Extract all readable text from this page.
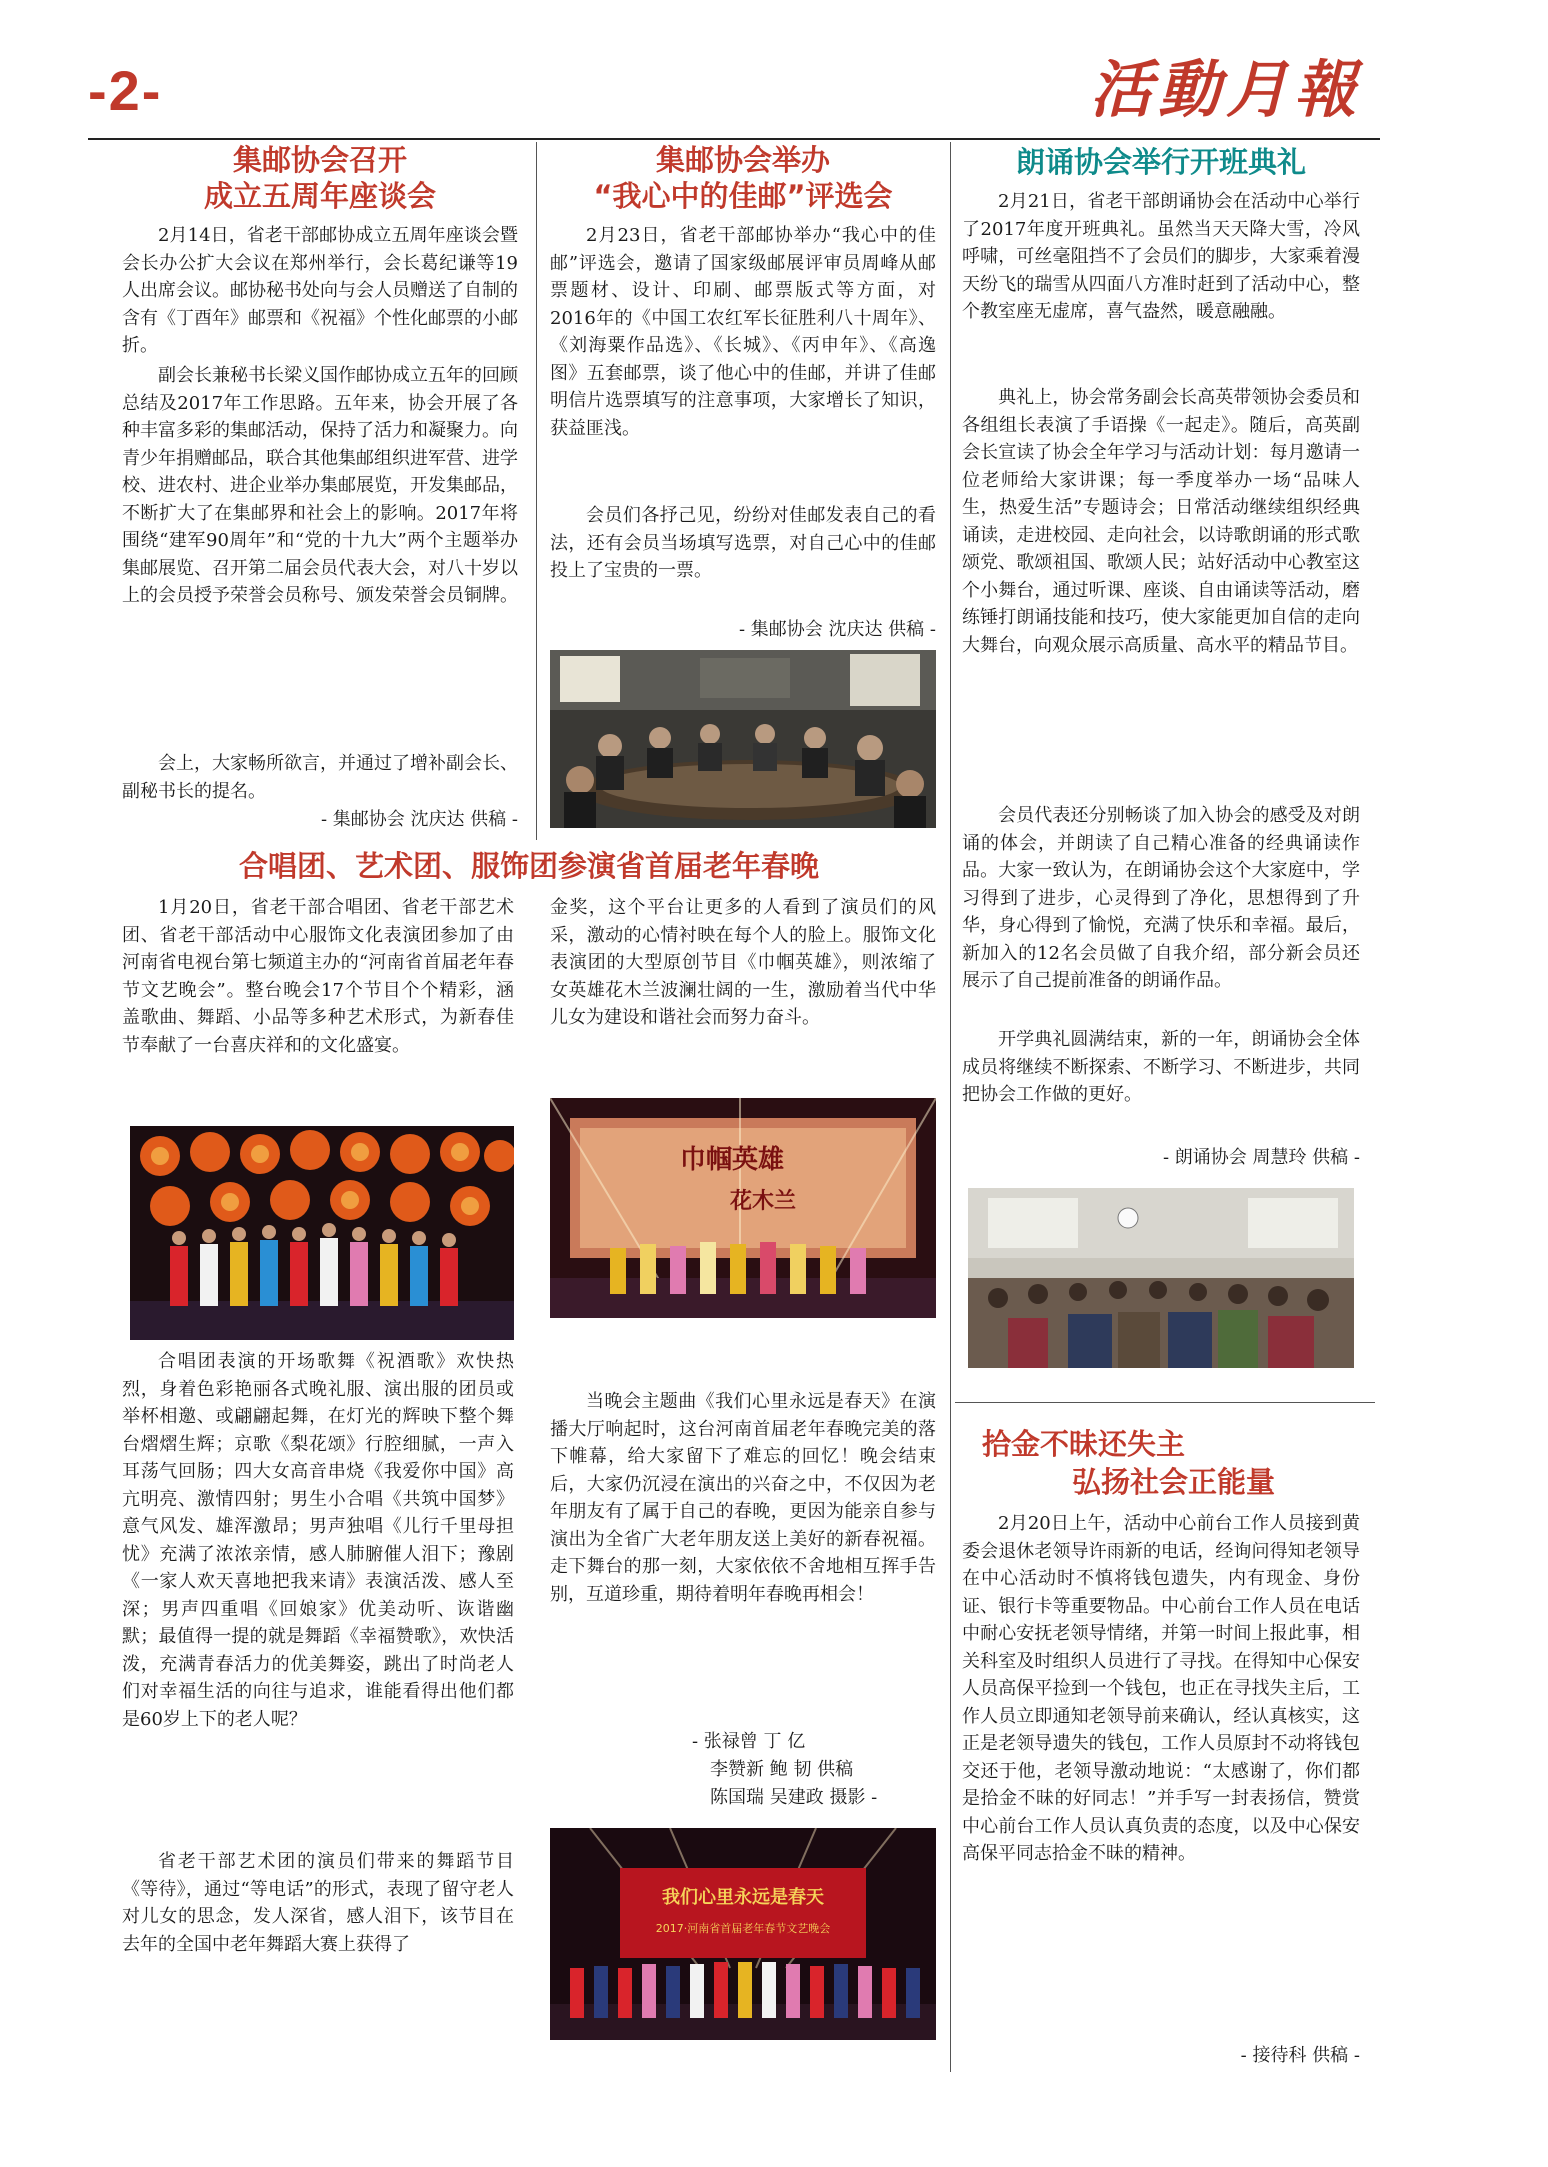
-2-	活動月報
集邮协会召开
成立五周年座谈会

2月14日，省老干部邮协成立五周年座谈会暨会长办公扩大会议在郑州举行，会长葛纪谦等19人出席会议。邮协秘书处向与会人员赠送了自制的含有《丁酉年》邮票和《祝福》个性化邮票的小邮折。

副会长兼秘书长梁义国作邮协成立五年的回顾总结及2017年工作思路。五年来，协会开展了各种丰富多彩的集邮活动，保持了活力和凝聚力。向青少年捐赠邮品，联合其他集邮组织进军营、进学校、进农村、进企业举办集邮展览，开发集邮品，不断扩大了在集邮界和社会上的影响。2017年将围绕“建军90周年”和“党的十九大”两个主题举办集邮展览、召开第二届会员代表大会，对八十岁以上的会员授予荣誉会员称号、颁发荣誉会员铜牌。

会上，大家畅所欲言，并通过了增补副会长、副秘书长的提名。

- 集邮协会 沈庆达 供稿 -
集邮协会举办
“我心中的佳邮”评选会

2月23日，省老干部邮协举办“我心中的佳邮”评选会，邀请了国家级邮展评审员周峰从邮票题材、设计、印刷、邮票版式等方面，对2016年的《中国工农红军长征胜利八十周年》、《刘海粟作品选》、《长城》、《丙申年》、《高逸图》五套邮票，谈了他心中的佳邮，并讲了佳邮明信片选票填写的注意事项，大家增长了知识，获益匪浅。

会员们各抒己见，纷纷对佳邮发表自己的看法，还有会员当场填写选票，对自己心中的佳邮投上了宝贵的一票。

- 集邮协会 沈庆达 供稿 -
朗诵协会举行开班典礼

2月21日，省老干部朗诵协会在活动中心举行了2017年度开班典礼。虽然当天天降大雪，冷风呼啸，可丝毫阻挡不了会员们的脚步，大家乘着漫天纷飞的瑞雪从四面八方准时赶到了活动中心，整个教室座无虚席，喜气盎然，暖意融融。

典礼上，协会常务副会长高英带领协会委员和各组组长表演了手语操《一起走》。随后，高英副会长宣读了协会全年学习与活动计划：每月邀请一位老师给大家讲课；每一季度举办一场“品味人生，热爱生活”专题诗会；日常活动继续组织经典诵读，走进校园、走向社会，以诗歌朗诵的形式歌颂党、歌颂祖国、歌颂人民；站好活动中心教室这个小舞台，通过听课、座谈、自由诵读等活动，磨练锤打朗诵技能和技巧，使大家能更加自信的走向大舞台，向观众展示高质量、高水平的精品节目。

会员代表还分别畅谈了加入协会的感受及对朗诵的体会，并朗读了自己精心准备的经典诵读作品。大家一致认为，在朗诵协会这个大家庭中，学习得到了进步，心灵得到了净化，思想得到了升华，身心得到了愉悦，充满了快乐和幸福。最后，新加入的12名会员做了自我介绍，部分新会员还展示了自己提前准备的朗诵作品。

开学典礼圆满结束，新的一年，朗诵协会全体成员将继续不断探索、不断学习、不断进步，共同把协会工作做的更好。

- 朗诵协会 周慧玲 供稿 -
合唱团、艺术团、服饰团参演省首届老年春晚

1月20日，省老干部合唱团、省老干部艺术团、省老干部活动中心服饰文化表演团参加了由河南省电视台第七频道主办的“河南省首届老年春节文艺晚会”。整台晚会17个节目个个精彩，涵盖歌曲、舞蹈、小品等多种艺术形式，为新春佳节奉献了一台喜庆祥和的文化盛宴。

合唱团表演的开场歌舞《祝酒歌》欢快热烈，身着色彩艳丽各式晚礼服、演出服的团员或举杯相邀、或翩翩起舞，在灯光的辉映下整个舞台熠熠生辉；京歌《梨花颂》行腔细腻，一声入耳荡气回肠；四大女高音串烧《我爱你中国》高亢明亮、激情四射；男生小合唱《共筑中国梦》意气风发、雄浑激昂；男声独唱《儿行千里母担忧》充满了浓浓亲情，感人肺腑催人泪下；豫剧《一家人欢天喜地把我来请》表演活泼、感人至深；男声四重唱《回娘家》优美动听、诙谐幽默；最值得一提的就是舞蹈《幸福赞歌》，欢快活泼，充满青春活力的优美舞姿，跳出了时尚老人们对幸福生活的向往与追求，谁能看得出他们都是60岁上下的老人呢？

省老干部艺术团的演员们带来的舞蹈节目《等待》，通过“等电话”的形式，表现了留守老人对儿女的思念，发人深省，感人泪下，该节目在去年的全国中老年舞蹈大赛上获得了

金奖，这个平台让更多的人看到了演员们的风采，激动的心情衬映在每个人的脸上。服饰文化表演团的大型原创节目《巾帼英雄》，则浓缩了女英雄花木兰波澜壮阔的一生，激励着当代中华儿女为建设和谐社会而努力奋斗。

巾帼英雄
花木兰

当晚会主题曲《我们心里永远是春天》在演播大厅响起时，这台河南首届老年春晚完美的落下帷幕，给大家留下了难忘的回忆！晚会结束后，大家仍沉浸在演出的兴奋之中，不仅因为老年朋友有了属于自己的春晚，更因为能亲自参与演出为全省广大老年朋友送上美好的新春祝福。走下舞台的那一刻，大家依依不舍地相互挥手告别，互道珍重，期待着明年春晚再相会！

- 张禄曾 丁 亿
李赞新 鲍 韧 供稿
陈国瑞 吴建政 摄影 -
我们心里永远是春天
2017·河南省首届老年春节文艺晚会
拾金不昧还失主
弘扬社会正能量

2月20日上午，活动中心前台工作人员接到黄委会退休老领导许雨新的电话，经询问得知老领导在中心活动时不慎将钱包遗失，内有现金、身份证、银行卡等重要物品。中心前台工作人员在电话中耐心安抚老领导情绪，并第一时间上报此事，相关科室及时组织人员进行了寻找。在得知中心保安人员高保平捡到一个钱包，也正在寻找失主后，工作人员立即通知老领导前来确认，经认真核实，这正是老领导遗失的钱包，工作人员原封不动将钱包交还于他，老领导激动地说：“太感谢了，你们都是拾金不昧的好同志！”并手写一封表扬信，赞赏中心前台工作人员认真负责的态度，以及中心保安高保平同志拾金不昧的精神。

- 接待科 供稿 -
